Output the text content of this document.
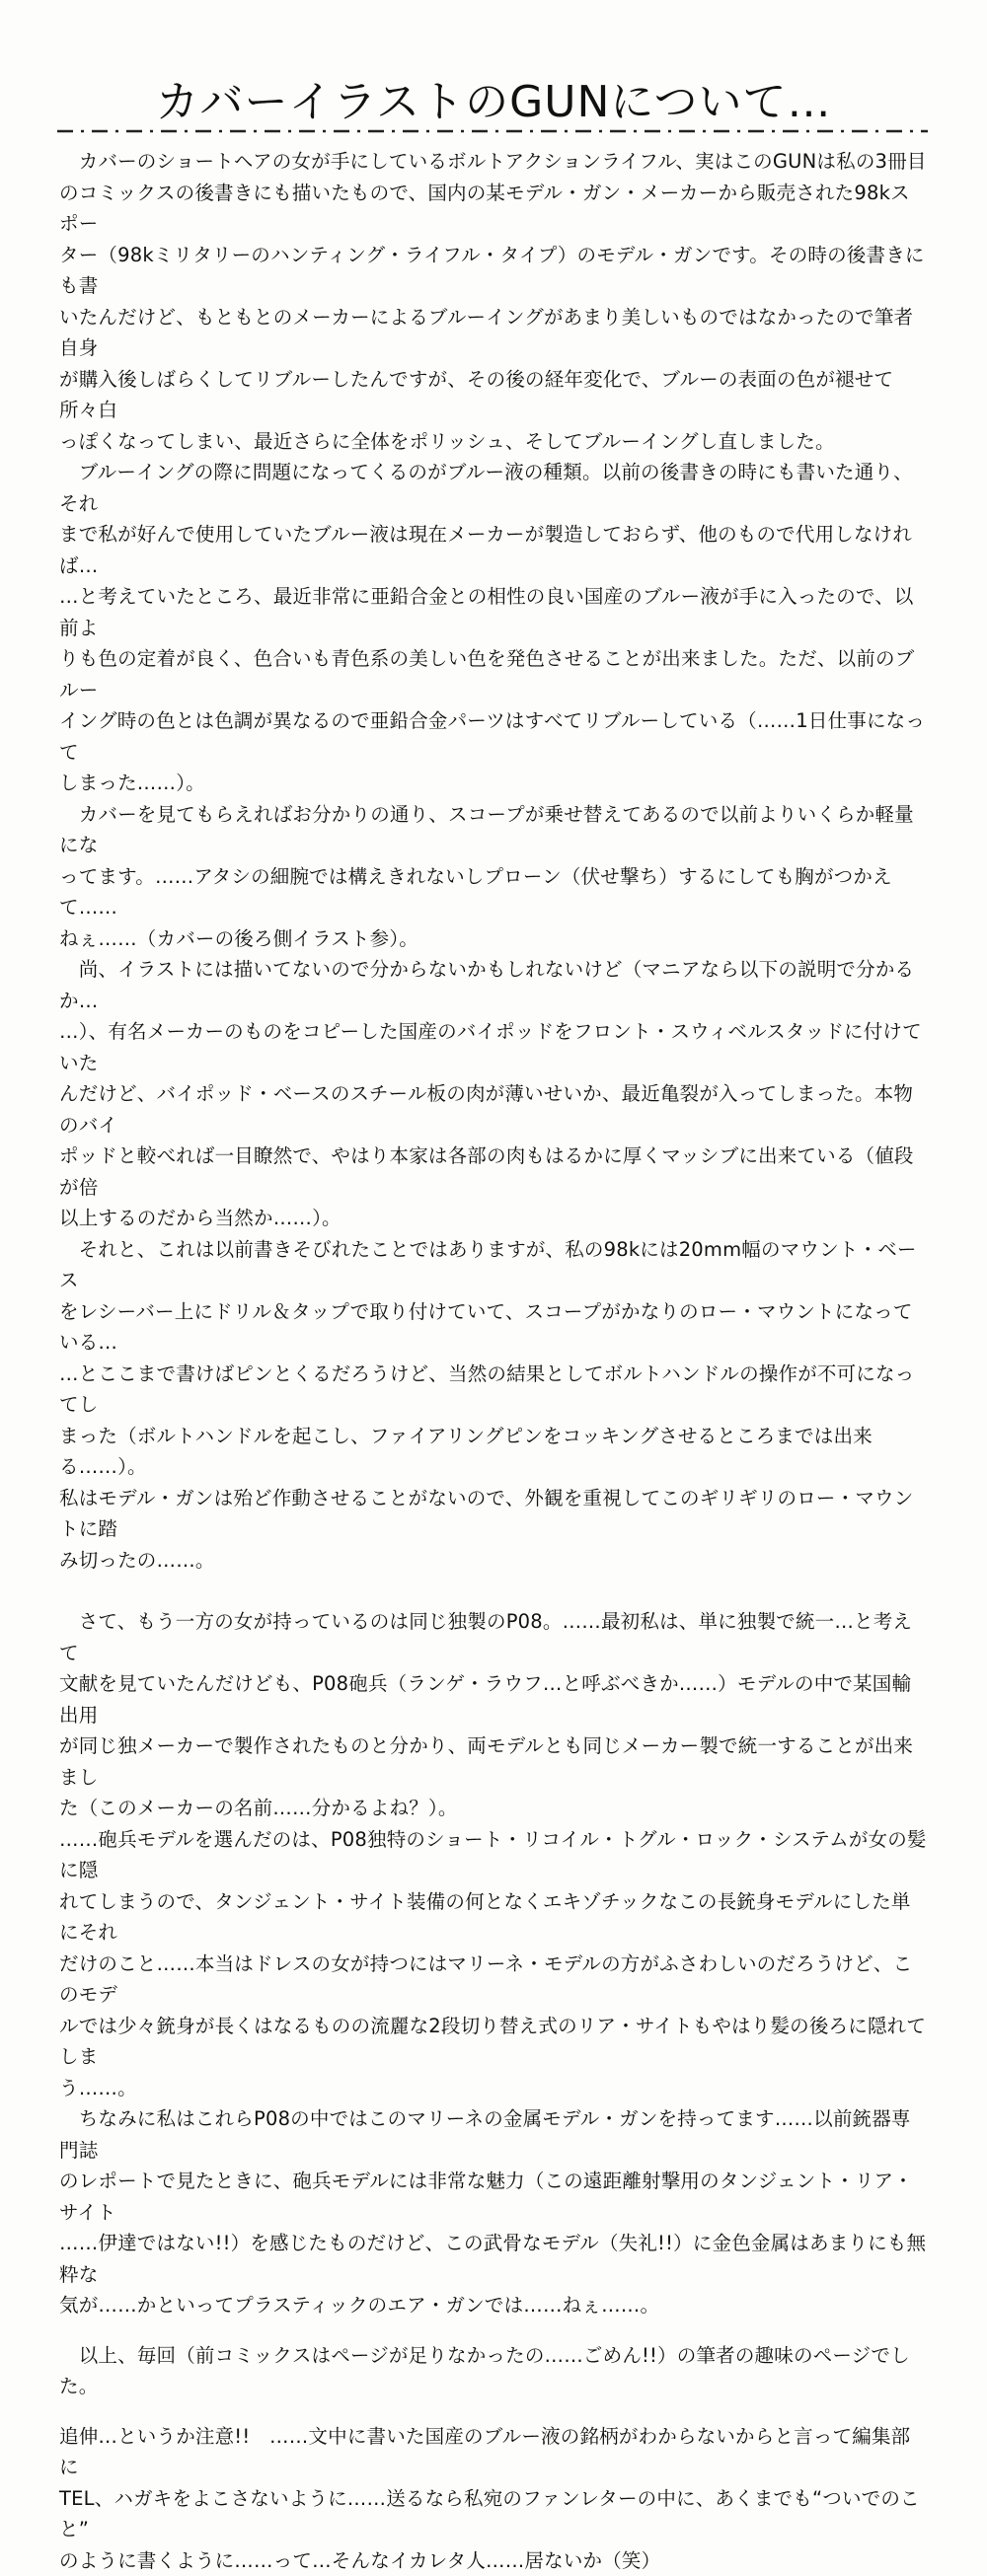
カバーイラストのGUNについて…

　カバーのショートヘアの女が手にしているボルトアクションライフル、実はこのGUNは私の3冊目
のコミックスの後書きにも描いたもので、国内の某モデル・ガン・メーカーから販売された98kスポー
ター（98kミリタリーのハンティング・ライフル・タイプ）のモデル・ガンです。その時の後書きにも書
いたんだけど、もともとのメーカーによるブルーイングがあまり美しいものではなかったので筆者自身
が購入後しばらくしてリブルーしたんですが、その後の経年変化で、ブルーの表面の色が褪せて所々白
っぽくなってしまい、最近さらに全体をポリッシュ、そしてブルーイングし直しました。

　ブルーイングの際に問題になってくるのがブルー液の種類。以前の後書きの時にも書いた通り、それ
まで私が好んで使用していたブルー液は現在メーカーが製造しておらず、他のもので代用しなければ…
…と考えていたところ、最近非常に亜鉛合金との相性の良い国産のブルー液が手に入ったので、以前よ
りも色の定着が良く、色合いも青色系の美しい色を発色させることが出来ました。ただ、以前のブルー
イング時の色とは色調が異なるので亜鉛合金パーツはすべてリブルーしている（……1日仕事になって
しまった……）。

　カバーを見てもらえればお分かりの通り、スコープが乗せ替えてあるので以前よりいくらか軽量にな
ってます。……アタシの細腕では構えきれないしプローン（伏せ撃ち）するにしても胸がつかえて……
ねぇ……（カバーの後ろ側イラスト参）。

　尚、イラストには描いてないので分からないかもしれないけど（マニアなら以下の説明で分かるか…
…）、有名メーカーのものをコピーした国産のバイポッドをフロント・スウィベルスタッドに付けていた
んだけど、バイポッド・ベースのスチール板の肉が薄いせいか、最近亀裂が入ってしまった。本物のバイ
ポッドと較べれば一目瞭然で、やはり本家は各部の肉もはるかに厚くマッシブに出来ている（値段が倍
以上するのだから当然か……）。

　それと、これは以前書きそびれたことではありますが、私の98kには20mm幅のマウント・ベース
をレシーバー上にドリル＆タップで取り付けていて、スコープがかなりのロー・マウントになっている…
…とここまで書けばピンとくるだろうけど、当然の結果としてボルトハンドルの操作が不可になってし
まった（ボルトハンドルを起こし、ファイアリングピンをコッキングさせるところまでは出来る……）。
私はモデル・ガンは殆ど作動させることがないので、外観を重視してこのギリギリのロー・マウントに踏
み切ったの……。

　さて、もう一方の女が持っているのは同じ独製のP08。……最初私は、単に独製で統一…と考えて
文献を見ていたんだけども、P08砲兵（ランゲ・ラウフ…と呼ぶべきか……）モデルの中で某国輸出用
が同じ独メーカーで製作されたものと分かり、両モデルとも同じメーカー製で統一することが出来まし
た（このメーカーの名前……分かるよね？）。
……砲兵モデルを選んだのは、P08独特のショート・リコイル・トグル・ロック・システムが女の髪に隠
れてしまうので、タンジェント・サイト装備の何となくエキゾチックなこの長銃身モデルにした単にそれ
だけのこと……本当はドレスの女が持つにはマリーネ・モデルの方がふさわしいのだろうけど、このモデ
ルでは少々銃身が長くはなるものの流麗な2段切り替え式のリア・サイトもやはり髪の後ろに隠れてしま
う……。

　ちなみに私はこれらP08の中ではこのマリーネの金属モデル・ガンを持ってます……以前銃器専門誌
のレポートで見たときに、砲兵モデルには非常な魅力（この遠距離射撃用のタンジェント・リア・サイト
……伊達ではない!!）を感じたものだけど、この武骨なモデル（失礼!!）に金色金属はあまりにも無粋な
気が……かといってプラスティックのエア・ガンでは……ねぇ……。

　以上、毎回（前コミックスはページが足りなかったの……ごめん!!）の筆者の趣味のページでした。

追伸…というか注意!!　……文中に書いた国産のブルー液の銘柄がわからないからと言って編集部に
TEL、ハガキをよこさないように……送るなら私宛のファンレターの中に、あくまでも“ついでのこと”
のように書くように……って…そんなイカレタ人……居ないか（笑）
